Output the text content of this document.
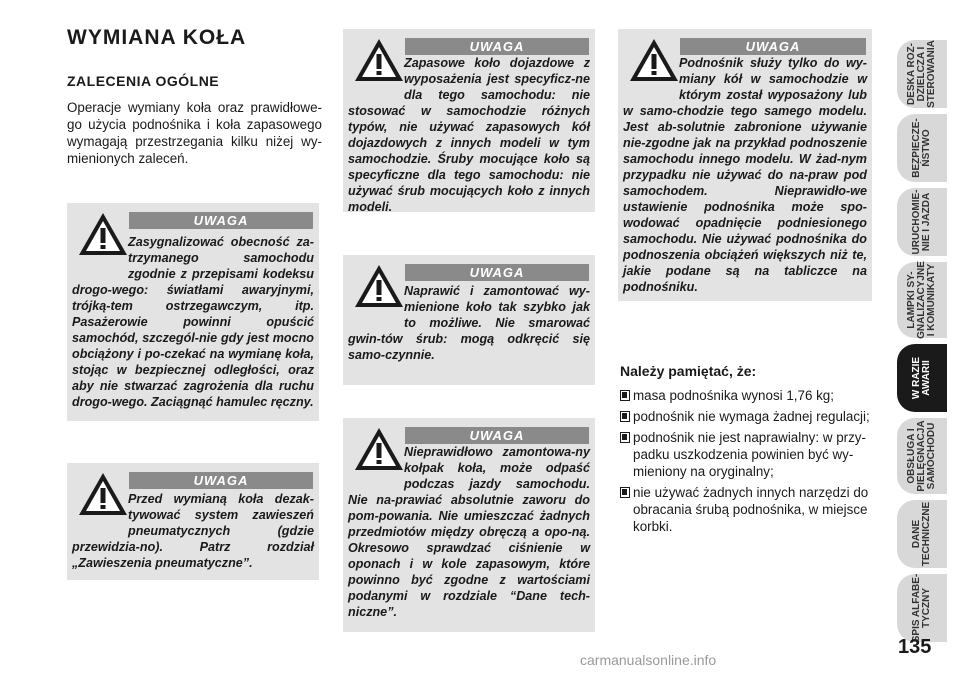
WYMIANA KOŁA
ZALECENIA OGÓLNE
Operacje wymiany koła oraz prawidłowe-go użycia podnośnika i koła zapasowego wymagają przestrzegania kilku niżej wy-mienionych zaleceń.
UWAGA
Zasygnalizować obecność za-trzymanego samochodu zgodnie z przepisami kodeksu drogo-wego: światłami awaryjnymi, trójką-tem ostrzegawczym, itp. Pasażerowie powinni opuścić samochód, szczegól-nie gdy jest mocno obciążony i po-czekać na wymianę koła, stojąc w bezpiecznej odległości, oraz aby nie stwarzać zagrożenia dla ruchu drogo-wego. Zaciągnąć hamulec ręczny.
UWAGA
Przed wymianą koła dezak-tywować system zawieszeń pneumatycznych (gdzie przewidzia-no). Patrz rozdział „Zawieszenia pneumatyczne”.
UWAGA
Zapasowe koło dojazdowe z wyposażenia jest specyficz-ne dla tego samochodu: nie stosować w samochodzie różnych typów, nie używać zapasowych kół dojazdowych z innych modeli w tym samochodzie. Śruby mocujące koło są specyficzne dla tego samochodu: nie używać śrub mocujących koło z innych modeli.
UWAGA
Naprawić i zamontować wy-mienione koło tak szybko jak to możliwe. Nie smarować gwin-tów śrub: mogą odkręcić się samo-czynnie.
UWAGA
Nieprawidłowo zamontowa-ny kołpak koła, może odpaść podczas jazdy samochodu. Nie na-prawiać absolutnie zaworu do pom-powania. Nie umieszczać żadnych przedmiotów między obręczą a opo-ną. Okresowo sprawdzać ciśnienie w oponach i w kole zapasowym, które powinno być zgodne z wartościami podanymi w rozdziale “Dane tech-niczne”.
UWAGA
Podnośnik służy tylko do wy-miany kół w samochodzie w którym został wyposażony lub w samo-chodzie tego samego modelu. Jest ab-solutnie zabronione używanie nie-zgodne jak na przykład podnoszenie samochodu innego modelu. W żad-nym przypadku nie używać do na-praw pod samochodem. Nieprawidło-we ustawienie podnośnika może spo-wodować opadnięcie podniesionego samochodu. Nie używać podnośnika do podnoszenia obciążeń większych niż te, jakie podane są na tabliczce na podnośniku.
Należy pamiętać, że:
masa podnośnika wynosi 1,76 kg;
podnośnik nie wymaga żadnej regulacji;
podnośnik nie jest naprawialny: w przy-padku uszkodzenia powinien być wy-mieniony na oryginalny;
nie używać żadnych innych narzędzi do obracania śrubą podnośnika, w miejsce korbki.
DESKA ROZ-
DZIELCZA I
STEROWANIA
BEZPIECZE-
ŃSTWO
URUCHOMIE-
NIE I JAZDA
LAMPKI SY-
GNALIZACYJNE
I KOMUNIKATY
W RAZIE
AWARII
OBSŁUGA I
PIELĘGNACJA
SAMOCHODU
DANE
TECHNICZNE
SPIS ALFABE-
TYCZNY
135
carmanualsonline.info
